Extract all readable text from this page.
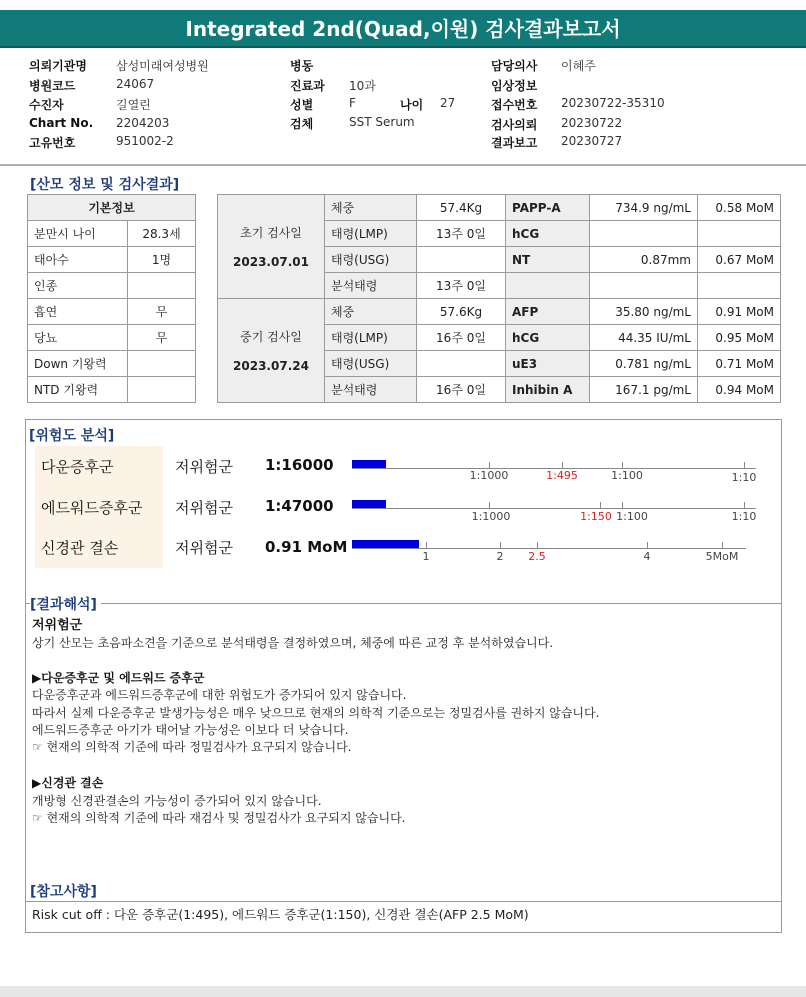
Integrated 2nd(Quad,이원) 검사결과보고서
의뢰기관명 삼성미래여성병원
병원코드	24067
수진자	길열린
Chart No. 2204203
고유번호	951002-2
병동
진료과 10과
성별	F	나이 27
검체	SST Serum
담당의사 이혜주
임상정보
접수번호 20230722-35310
검사의뢰 20230722
결과보고 20230727
[산모 정보 및 검사결과]
기본정보	
분만시 나이	28.3세
태아수	1명
인종	
흡연	무
당뇨	무
Down 기왕력	
NTD 기왕력	
초기 검사일
2023.07.01	체중	57.4Kg	PAPP-A	734.9 ng/mL	0.58 MoM
	태령(LMP)	13주 0일	hCG		
	태령(USG)		NT	0.87mm	0.67 MoM
	분석태령	13주 0일			

중기 검사일
2023.07.24	체중	57.6Kg	AFP	35.80 ng/mL	0.91 MoM
	태령(LMP)	16주 0일	hCG	44.35 IU/mL	0.95 MoM
	태령(USG)		uE3	0.781 ng/mL	0.71 MoM
	분석태령	16주 0일	Inhibin A	167.1 pg/mL	0.94 MoM
[위험도 분석]
다운증후군	저위험군 1:16000
1:1000	1:495	1:100	1:10
에드워드증후군 저위험군 1:47000
1:1000	1:150 1:100	1:10
신경관 결손	저위험군 0.91 MoM
1	2 2.5	4	5MoM
[결과해석]
저위험군
상기 산모는 초음파소견을 기준으로 분석태령을 결정하였으며, 체중에 따른 교정 후 분석하였습니다.
▶다운증후군 및 에드워드 증후군
다운증후군과 에드워드증후군에 대한 위험도가 증가되어 있지 않습니다.
따라서 실제 다운증후군 발생가능성은 매우 낮으므로 현재의 의학적 기준으로는 정밀검사를 권하지 않습니다.
에드워드증후군 아기가 태어날 가능성은 이보다 더 낮습니다.
☞ 현재의 의학적 기준에 따라 정밀검사가 요구되지 않습니다.
▶신경관 결손
개방형 신경관결손의 가능성이 증가되어 있지 않습니다.
☞ 현재의 의학적 기준에 따라 재검사 및 정밀검사가 요구되지 않습니다.
[참고사항]
Risk cut off : 다운 증후군(1:495), 에드워드 증후군(1:150), 신경관 결손(AFP 2.5 MoM)
